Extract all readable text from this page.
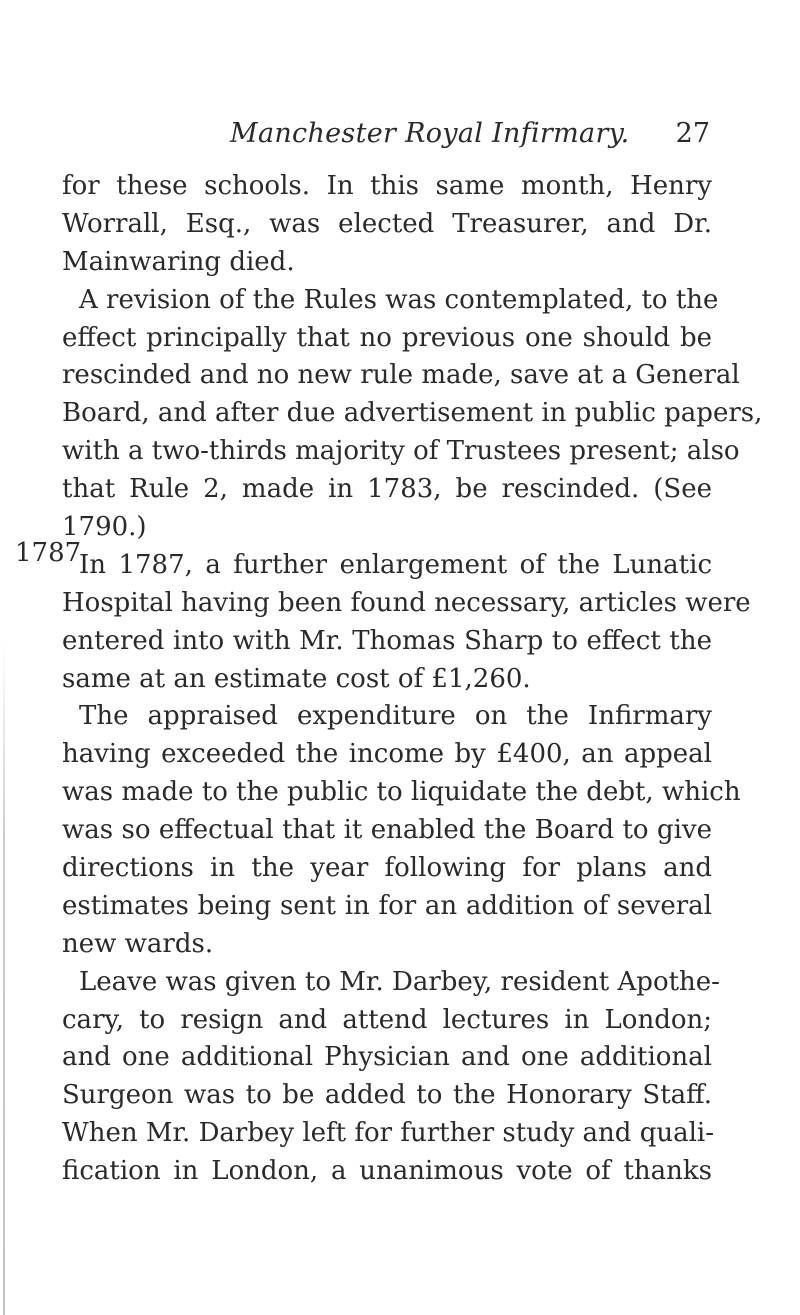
Manchester Royal Infirmary. 27
1787
for these schools. In this same month, Henry
Worrall, Esq., was elected Treasurer, and Dr.
Mainwaring died.
A revision of the Rules was contemplated, to the
effect principally that no previous one should be
rescinded and no new rule made, save at a General
Board, and after due advertisement in public papers,
with a two-thirds majority of Trustees present; also
that Rule 2, made in 1783, be rescinded. (See
1790.)
In 1787, a further enlargement of the Lunatic
Hospital having been found necessary, articles were
entered into with Mr. Thomas Sharp to effect the
same at an estimate cost of £1,260.
The appraised expenditure on the Infirmary
having exceeded the income by £400, an appeal
was made to the public to liquidate the debt, which
was so effectual that it enabled the Board to give
directions in the year following for plans and
estimates being sent in for an addition of several
new wards.
Leave was given to Mr. Darbey, resident Apothe-
cary, to resign and attend lectures in London;
and one additional Physician and one additional
Surgeon was to be added to the Honorary Staff.
When Mr. Darbey left for further study and quali-
fication in London, a unanimous vote of thanks
